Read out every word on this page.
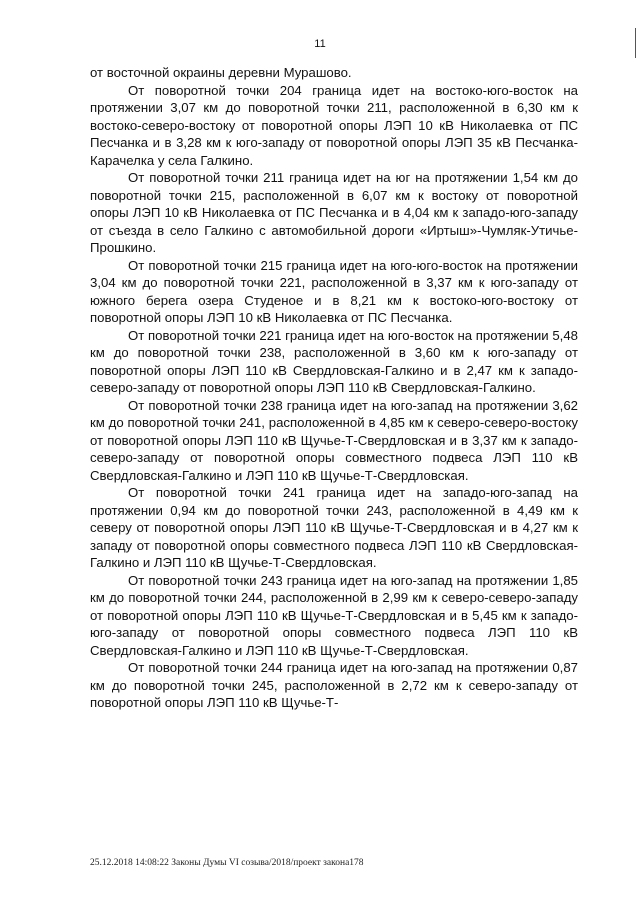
11

от восточной окраины деревни Мурашово.

От поворотной точки 204 граница идет на востоко-юго-восток на протяжении 3,07 км до поворотной точки 211, расположенной в 6,30 км к востоко-северо-востоку от поворотной опоры ЛЭП 10 кВ Николаевка от ПС Песчанка и в 3,28 км к юго-западу от поворотной опоры ЛЭП 35 кВ Песчанка-Карачелка у села Галкино.

От поворотной точки 211 граница идет на юг на протяжении 1,54 км до поворотной точки 215, расположенной в 6,07 км к востоку от поворотной опоры ЛЭП 10 кВ Николаевка от ПС Песчанка и в 4,04 км к западо-юго-западу от съезда в село Галкино с автомобильной дороги «Иртыш»-Чумляк-Утичье-Прошкино.

От поворотной точки 215 граница идет на юго-юго-восток на протяжении 3,04 км до поворотной точки 221, расположенной в 3,37 км к юго-западу от южного берега озера Студеное и в 8,21 км к востоко-юго-востоку от поворотной опоры ЛЭП 10 кВ Николаевка от ПС Песчанка.

От поворотной точки 221 граница идет на юго-восток на протяжении 5,48 км до поворотной точки 238, расположенной в 3,60 км к юго-западу от поворотной опоры ЛЭП 110 кВ Свердловская-Галкино и в 2,47 км к западо-северо-западу от поворотной опоры ЛЭП 110 кВ Свердловская-Галкино.

От поворотной точки 238 граница идет на юго-запад на протяжении 3,62 км до поворотной точки 241, расположенной в 4,85 км к северо-северо-востоку от поворотной опоры ЛЭП 110 кВ Щучье-Т-Свердловская и в 3,37 км к западо-северо-западу от поворотной опоры совместного подвеса ЛЭП 110 кВ Свердловская-Галкино и ЛЭП 110 кВ Щучье-Т-Свердловская.

От поворотной точки 241 граница идет на западо-юго-запад на протяжении 0,94 км до поворотной точки 243, расположенной в 4,49 км к северу от поворотной опоры ЛЭП 110 кВ Щучье-Т-Свердловская и в 4,27 км к западу от поворотной опоры совместного подвеса ЛЭП 110 кВ Свердловская-Галкино и ЛЭП 110 кВ Щучье-Т-Свердловская.

От поворотной точки 243 граница идет на юго-запад на протяжении 1,85 км до поворотной точки 244, расположенной в 2,99 км к северо-северо-западу от поворотной опоры ЛЭП 110 кВ Щучье-Т-Свердловская и в 5,45 км к западо-юго-западу от поворотной опоры совместного подвеса ЛЭП 110 кВ Свердловская-Галкино и ЛЭП 110 кВ Щучье-Т-Свердловская.

От поворотной точки 244 граница идет на юго-запад на протяжении 0,87 км до поворотной точки 245, расположенной в 2,72 км к северо-западу от поворотной опоры ЛЭП 110 кВ Щучье-Т-

25.12.2018 14:08:22 Законы Думы VI созыва/2018/проект закона178
